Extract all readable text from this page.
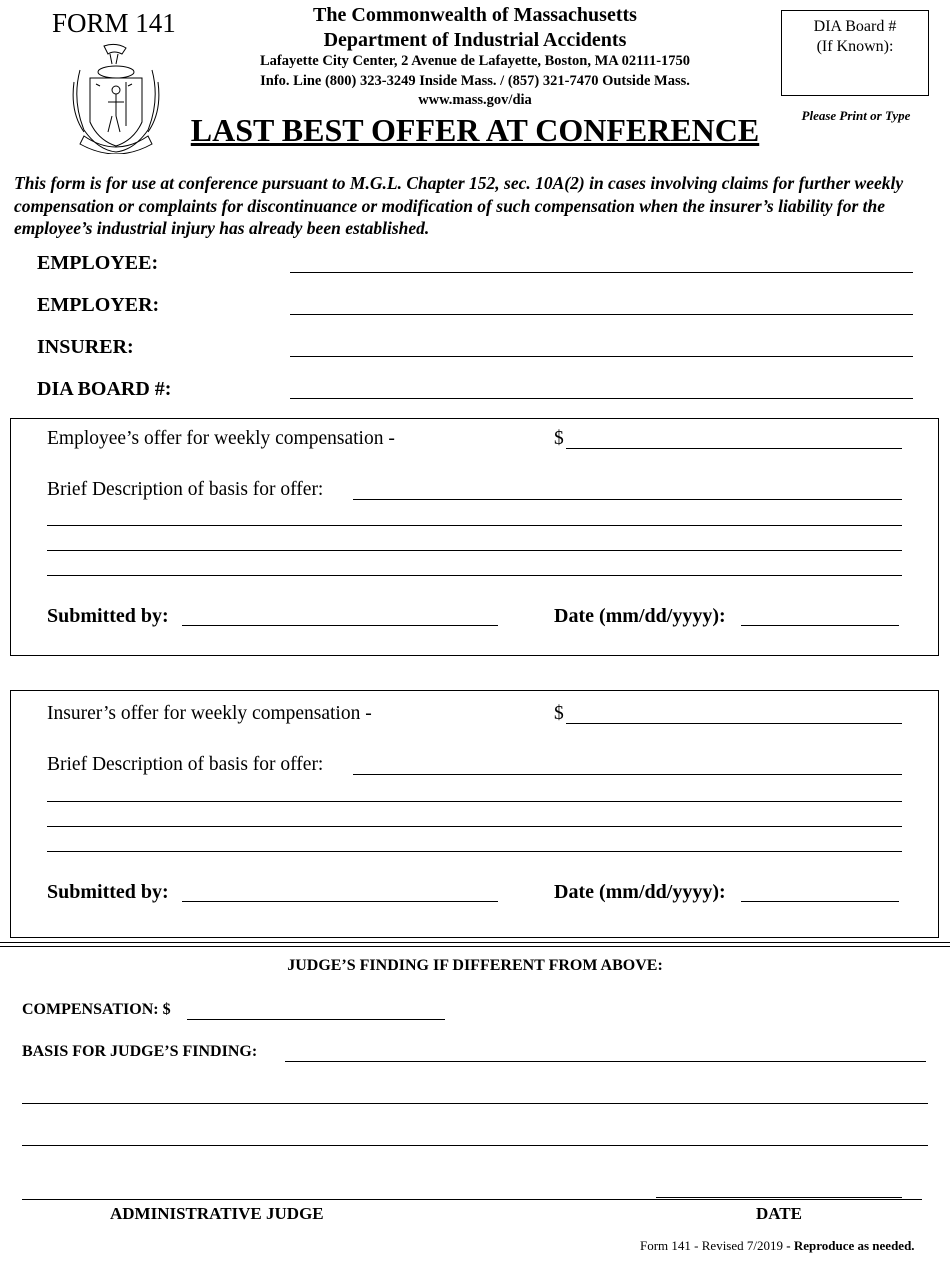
FORM 141	The Commonwealth of Massachusetts
Department of Industrial Accidents
Lafayette City Center, 2 Avenue de Lafayette, Boston, MA 02111-1750
Info. Line (800) 323-3249 Inside Mass. / (857) 321-7470 Outside Mass.
www.mass.gov/dia
LAST BEST OFFER AT CONFERENCE
DIA Board #
(If Known):
Please Print or Type
This form is for use at conference pursuant to M.G.L. Chapter 152, sec. 10A(2) in cases involving claims for further weekly compensation or complaints for discontinuance or modification of such compensation when the insurer’s liability for the employee’s industrial injury has already been established.
EMPLOYEE:
EMPLOYER:
INSURER:
DIA BOARD #:
Employee’s offer for weekly compensation -	$
Brief Description of basis for offer:
Submitted by:	Date (mm/dd/yyyy):
Insurer’s offer for weekly compensation -	$
Brief Description of basis for offer:
Submitted by:	Date (mm/dd/yyyy):
JUDGE’S FINDING IF DIFFERENT FROM ABOVE:
COMPENSATION: $
BASIS FOR JUDGE’S FINDING:
ADMINISTRATIVE JUDGE	DATE
Form 141 - Revised 7/2019 - Reproduce as needed.
